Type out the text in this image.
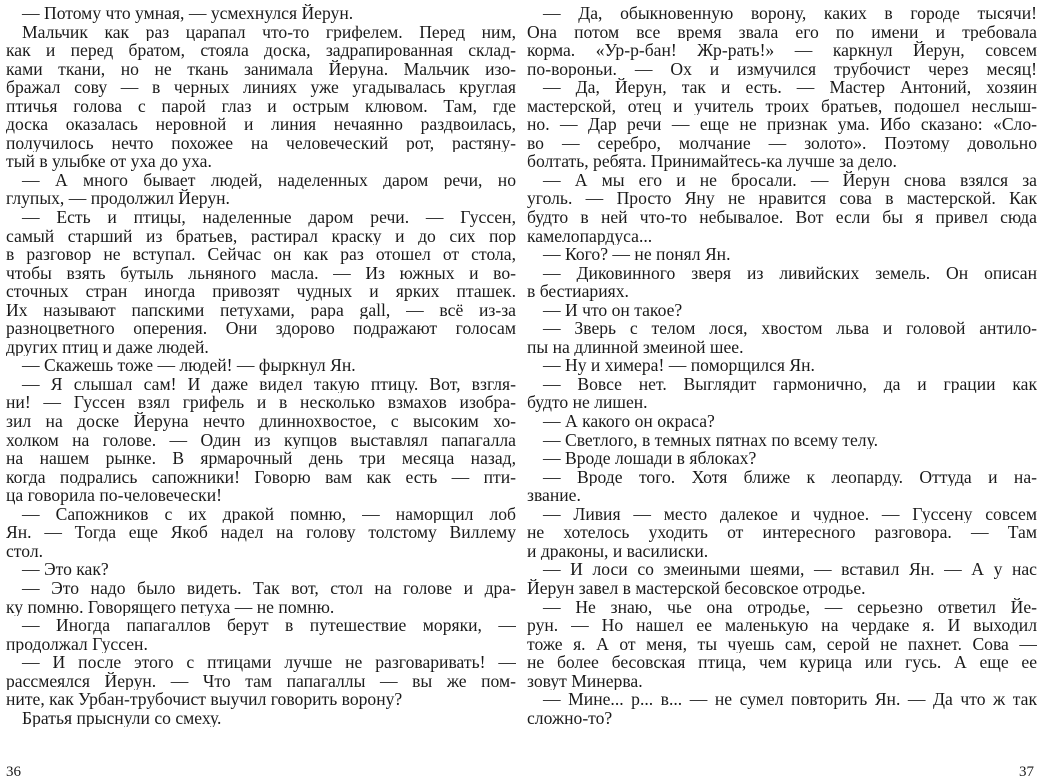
— Потому что умная, — усмехнулся Йерун.
Мальчик как раз царапал что-то грифелем. Перед ним,
как и перед братом, стояла доска, задрапированная склад-
ками ткани, но не ткань занимала Йеруна. Мальчик изо-
бражал сову — в черных линиях уже угадывалась круглая
птичья голова с парой глаз и острым клювом. Там, где
доска оказалась неровной и линия нечаянно раздвоилась,
получилось нечто похожее на человеческий рот, растяну-
тый в улыбке от уха до уха.
— А много бывает людей, наделенных даром речи, но
глупых, — продолжил Йерун.
— Есть и птицы, наделенные даром речи. — Гуссен,
самый старший из братьев, растирал краску и до сих пор
в разговор не вступал. Сейчас он как раз отошел от стола,
чтобы взять бутыль льняного масла. — Из южных и во-
сточных стран иногда привозят чудных и ярких пташек.
Их называют папскими петухами, papa gall, — всё из-за
разноцветного оперения. Они здорово подражают голосам
других птиц и даже людей.
— Скажешь тоже — людей! — фыркнул Ян.
— Я слышал сам! И даже видел такую птицу. Вот, взгля-
ни! — Гуссен взял грифель и в несколько взмахов изобра-
зил на доске Йеруна нечто длиннохвостое, с высоким хо-
холком на голове. — Один из купцов выставлял папагалла
на нашем рынке. В ярмарочный день три месяца назад,
когда подрались сапожники! Говорю вам как есть — пти-
ца говорила по-человечески!
— Сапожников с их дракой помню, — наморщил лоб
Ян. — Тогда еще Якоб надел на голову толстому Виллему
стол.
— Это как?
— Это надо было видеть. Так вот, стол на голове и дра-
ку помню. Говорящего петуха — не помню.
— Иногда папагаллов берут в путешествие моряки, —
продолжал Гуссен.
— И после этого с птицами лучше не разговаривать! —
рассмеялся Йерун. — Что там папагаллы — вы же пом-
ните, как Урбан-трубочист выучил говорить ворону?
Братья прыснули со смеху.
— Да, обыкновенную ворону, каких в городе тысячи!
Она потом все время звала его по имени и требовала
корма. «Ур-р-бан! Жр-рать!» — каркнул Йерун, совсем
по-вороньи. — Ох и измучился трубочист через месяц!
— Да, Йерун, так и есть. — Мастер Антоний, хозяин
мастерской, отец и учитель троих братьев, подошел неслыш-
но. — Дар речи — еще не признак ума. Ибо сказано: «Сло-
во — серебро, молчание — золото». Поэтому довольно
болтать, ребята. Принимайтесь-ка лучше за дело.
— А мы его и не бросали. — Йерун снова взялся за
уголь. — Просто Яну не нравится сова в мастерской. Как
будто в ней что-то небывалое. Вот если бы я привел сюда
камелопардуса...
— Кого? — не понял Ян.
— Диковинного зверя из ливийских земель. Он описан
в бестиариях.
— И что он такое?
— Зверь с телом лося, хвостом льва и головой антило-
пы на длинной змеиной шее.
— Ну и химера! — поморщился Ян.
— Вовсе нет. Выглядит гармонично, да и грации как
будто не лишен.
— А какого он окраса?
— Светлого, в темных пятнах по всему телу.
— Вроде лошади в яблоках?
— Вроде того. Хотя ближе к леопарду. Оттуда и на-
звание.
— Ливия — место далекое и чудное. — Гуссену совсем
не хотелось уходить от интересного разговора. — Там
и драконы, и василиски.
— И лоси со змеиными шеями, — вставил Ян. — А у нас
Йерун завел в мастерской бесовское отродье.
— Не знаю, чье она отродье, — серьезно ответил Йе-
рун. — Но нашел ее маленькую на чердаке я. И выходил
тоже я. А от меня, ты чуешь сам, серой не пахнет. Сова —
не более бесовская птица, чем курица или гусь. А еще ее
зовут Минерва.
— Мине... р... в... — не сумел повторить Ян. — Да что ж так
сложно-то?
36	37
